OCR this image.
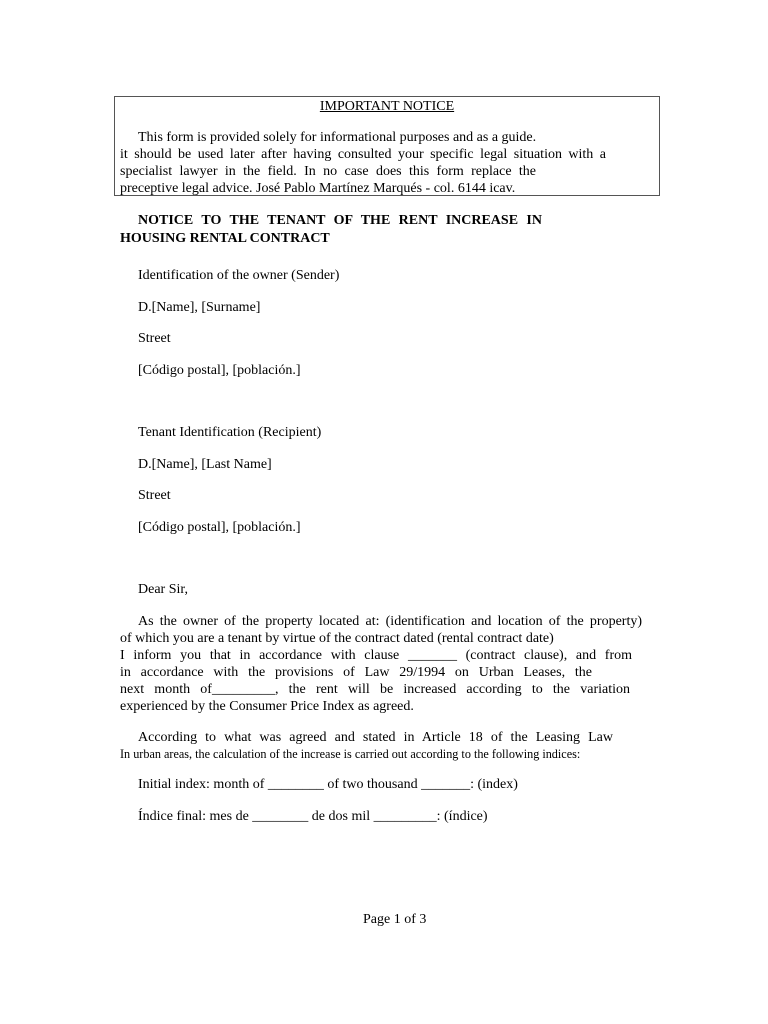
IMPORTANT NOTICE
This form is provided solely for informational purposes and as a guide.
it should be used later after having consulted your specific legal situation with a
specialist lawyer in the field. In no case does this form replace the
preceptive legal advice. José Pablo Martínez Marqués - col. 6144 icav.
NOTICE TO THE TENANT OF THE RENT INCREASE IN
HOUSING RENTAL CONTRACT
Identification of the owner (Sender)
D.[Name], [Surname]
Street
[Código postal], [población.]
Tenant Identification (Recipient)
D.[Name], [Last Name]
Street
[Código postal], [población.]
Dear Sir,
As the owner of the property located at: (identification and location of the property)
of which you are a tenant by virtue of the contract dated (rental contract date)
I inform you that in accordance with clause _______ (contract clause), and from
in accordance with the provisions of Law 29/1994 on Urban Leases, the
next month of_________, the rent will be increased according to the variation
experienced by the Consumer Price Index as agreed.
According to what was agreed and stated in Article 18 of the Leasing Law
In urban areas, the calculation of the increase is carried out according to the following indices:
Initial index: month of ________ of two thousand _______: (index)
Índice final: mes de ________ de dos mil _________: (índice)
Page 1 of 3
